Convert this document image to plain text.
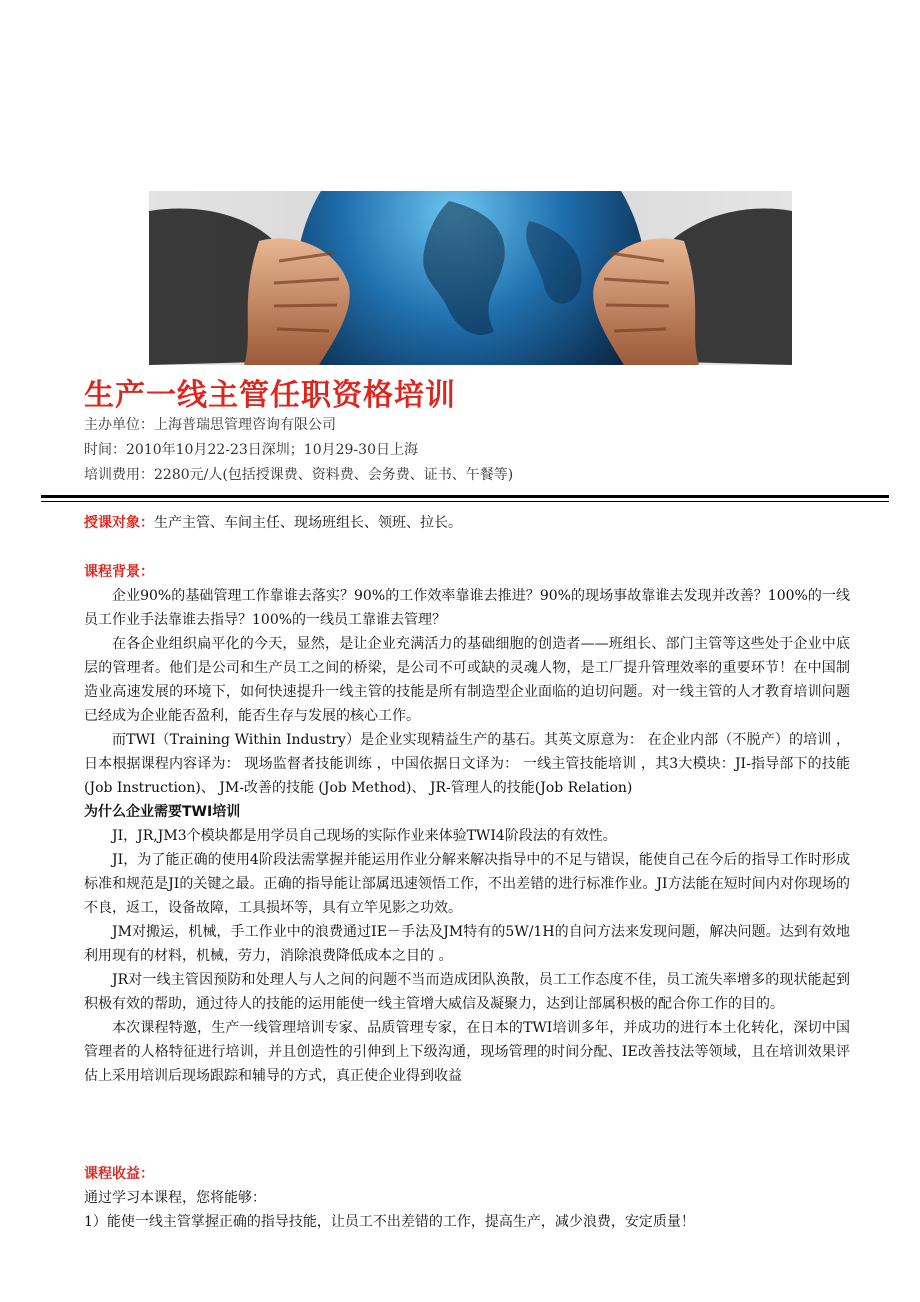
生产一线主管任职资格培训
主办单位：上海普瑞思管理咨询有限公司
时间：2010年10月22-23日深圳；10月29-30日上海
培训费用：2280元/人(包括授课费、资料费、会务费、证书、午餐等)

授课对象：生产主管、车间主任、现场班组长、领班、拉长。

课程背景：

企业90%的基础管理工作靠谁去落实？90%的工作效率靠谁去推进？90%的现场事故靠谁去发现并改善？100%的一线员工作业手法靠谁去指导？100%的一线员工靠谁去管理？

在各企业组织扁平化的今天，显然，是让企业充满活力的基础细胞的创造者——班组长、部门主管等这些处于企业中底层的管理者。他们是公司和生产员工之间的桥梁，是公司不可或缺的灵魂人物，是工厂提升管理效率的重要环节！在中国制造业高速发展的环境下，如何快速提升一线主管的技能是所有制造型企业面临的迫切问题。对一线主管的人才教育培训问题已经成为企业能否盈利，能否生存与发展的核心工作。

而TWI（Training Within Industry）是企业实现精益生产的基石。其英文原意为： 在企业内部（不脱产）的培训 ，日本根据课程内容译为： 现场监督者技能训练 ，中国依据日文译为： 一线主管技能培训 ，其3大模块：JI-指导部下的技能 (Job Instruction)、 JM-改善的技能 (Job Method)、 JR-管理人的技能(Job Relation)

为什么企业需要TWI培训

JI，JR,JM3个模块都是用学员自己现场的实际作业来体验TWI4阶段法的有效性。

JI，为了能正确的使用4阶段法需掌握并能运用作业分解来解决指导中的不足与错误，能使自己在今后的指导工作时形成标准和规范是JI的关键之最。正确的指导能让部属迅速领悟工作，不出差错的进行标准作业。JI方法能在短时间内对你现场的不良，返工，设备故障，工具损坏等，具有立竿见影之功效。

JM对搬运，机械，手工作业中的浪费通过IE－手法及JM特有的5W/1H的自问方法来发现问题，解决问题。达到有效地利用现有的材料，机械，劳力，消除浪费降低成本之目的 。

JR对一线主管因预防和处理人与人之间的问题不当而造成团队涣散，员工工作态度不佳，员工流失率增多的现状能起到积极有效的帮助，通过待人的技能的运用能使一线主管增大威信及凝聚力，达到让部属积极的配合你工作的目的。

本次课程特邀，生产一线管理培训专家、品质管理专家，在日本的TWI培训多年，并成功的进行本土化转化，深切中国管理者的人格特征进行培训，并且创造性的引伸到上下级沟通，现场管理的时间分配、IE改善技法等领域，且在培训效果评估上采用培训后现场跟踪和辅导的方式，真正使企业得到收益

课程收益：

通过学习本课程，您将能够：

1）能使一线主管掌握正确的指导技能，让员工不出差错的工作，提高生产，减少浪费，安定质量！
